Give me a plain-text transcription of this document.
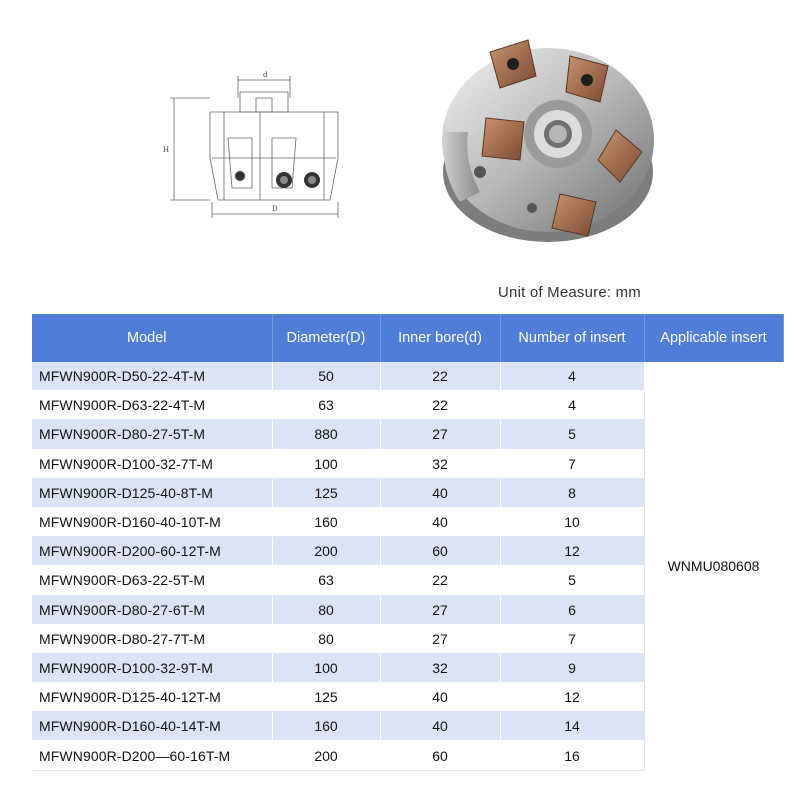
d
H
D
Unit of Measure: mm
Model	Diameter(D)	Inner bore(d)	Number of insert	Applicable insert
MFWN900R-D50-22-4T-M	50	22	4	WNMU080608
MFWN900R-D63-22-4T-M	63	22	4	
MFWN900R-D80-27-5T-M	880	27	5	
MFWN900R-D100-32-7T-M	100	32	7	
MFWN900R-D125-40-8T-M	125	40	8	
MFWN900R-D160-40-10T-M	160	40	10	
MFWN900R-D200-60-12T-M	200	60	12	
MFWN900R-D63-22-5T-M	63	22	5	
MFWN900R-D80-27-6T-M	80	27	6	
MFWN900R-D80-27-7T-M	80	27	7	
MFWN900R-D100-32-9T-M	100	32	9	
MFWN900R-D125-40-12T-M	125	40	12	
MFWN900R-D160-40-14T-M	160	40	14	
MFWN900R-D200—60-16T-M	200	60	16	
